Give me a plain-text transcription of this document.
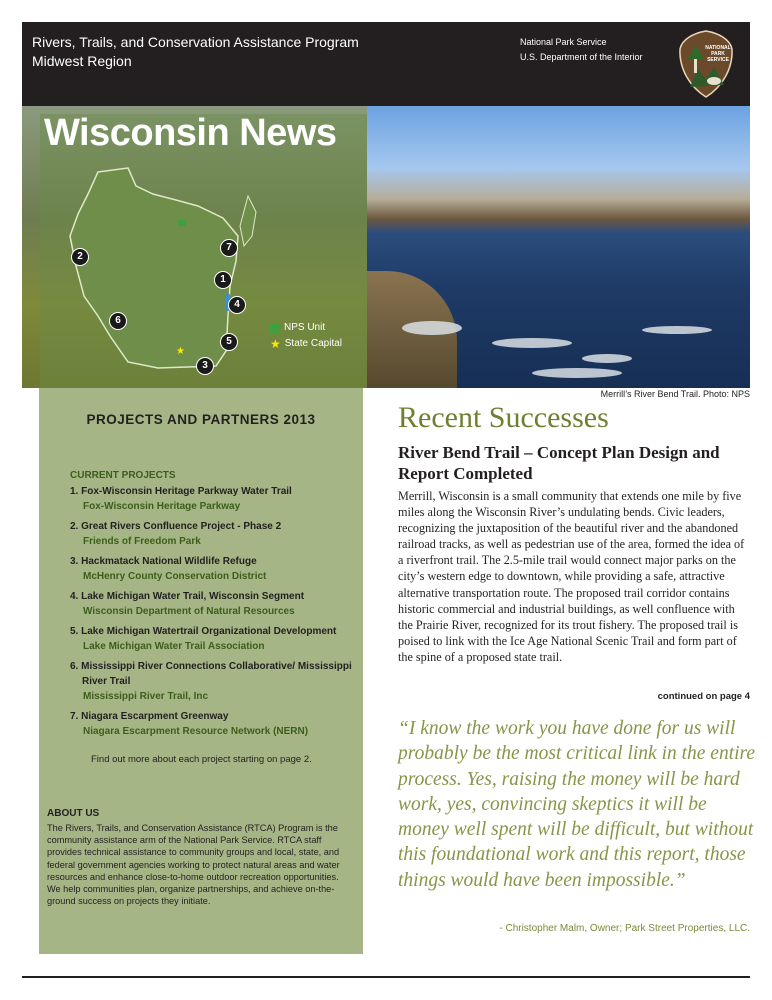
Rivers, Trails, and Conservation Assistance Program
Midwest Region
National Park Service
U.S. Department of the Interior
NATIONAL
PARK
SERVICE
Wisconsin News
★
7
1
2
4
6
5
3
NPS Unit
★ State Capital
Merrill’s River Bend Trail. Photo: NPS
PROJECTS AND PARTNERS 2013
CURRENT PROJECTS
1. Fox-Wisconsin Heritage Parkway Water Trail
Fox-Wisconsin Heritage Parkway
2. Great Rivers Confluence Project - Phase 2
Friends of Freedom Park
3. Hackmatack National Wildlife Refuge
McHenry County Conservation District
4. Lake Michigan Water Trail, Wisconsin Segment
Wisconsin Department of Natural Resources
5. Lake Michigan Watertrail Organizational Development
Lake Michigan Water Trail Association
6. Mississippi River Connections Collaborative/ Mississippi River Trail
Mississippi River Trail, Inc
7. Niagara Escarpment Greenway
Niagara Escarpment Resource Network (NERN)
Find out more about each project starting on page 2.
ABOUT US
The Rivers, Trails, and Conservation Assistance (RTCA) Program is the community assistance arm of the National Park Service. RTCA staff provides technical assistance to community groups and local, state, and federal government agencies working to protect natural areas and water resources and enhance close-to-home outdoor recreation opportunities. We help communities plan, organize partnerships, and achieve on-the-ground success on projects they initiate.
Recent Successes
River Bend Trail – Concept Plan Design and Report Completed
Merrill, Wisconsin is a small community that extends one mile by five miles along the Wisconsin River’s undulating bends. Civic leaders, recognizing the juxtaposition of the beautiful river and the abandoned railroad tracks, as well as pedestrian use of the area, formed the idea of a riverfront trail. The 2.5-mile trail would connect major parks on the city’s western edge to downtown, while providing a safe, attractive alternative transportation route. The proposed trail corridor contains historic commercial and industrial buildings, as well confluence with the Prairie River, recognized for its trout fishery. The proposed trail is poised to link with the Ice Age National Scenic Trail and form part of the spine of a proposed state trail.
continued on page 4
“I know the work you have done for us will probably be the most critical link in the entire process. Yes, raising the money will be hard work, yes, convincing skeptics it will be money well spent will be difficult, but without this foundational work and this report, those things would have been impossible.”
- Christopher Malm, Owner; Park Street Properties, LLC.
